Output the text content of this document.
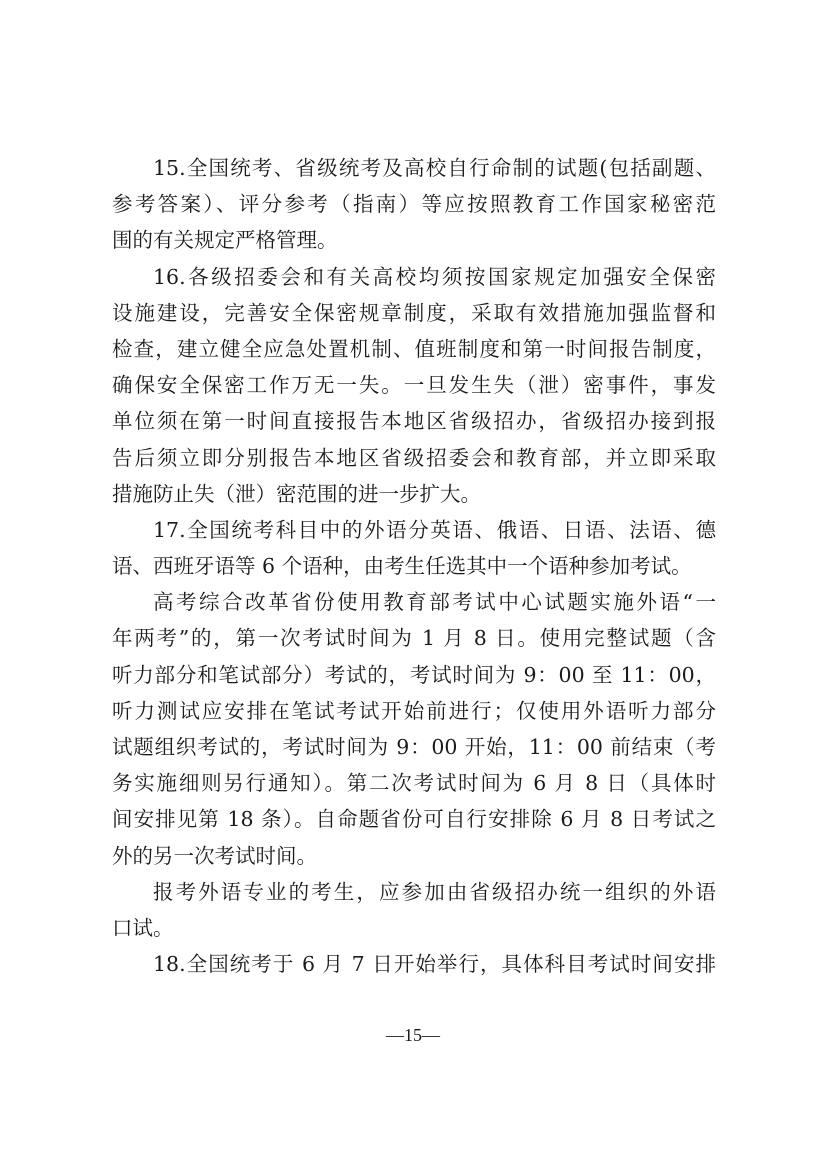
15.全国统考、省级统考及高校自行命制的试题(包括副题、
参考答案）、评分参考（指南）等应按照教育工作国家秘密范
围的有关规定严格管理。
16.各级招委会和有关高校均须按国家规定加强安全保密
设施建设，完善安全保密规章制度，采取有效措施加强监督和
检查，建立健全应急处置机制、值班制度和第一时间报告制度，
确保安全保密工作万无一失。一旦发生失（泄）密事件，事发
单位须在第一时间直接报告本地区省级招办，省级招办接到报
告后须立即分别报告本地区省级招委会和教育部，并立即采取
措施防止失（泄）密范围的进一步扩大。
17.全国统考科目中的外语分英语、俄语、日语、法语、德
语、西班牙语等 6 个语种，由考生任选其中一个语种参加考试。
高考综合改革省份使用教育部考试中心试题实施外语“一
年两考”的，第一次考试时间为 1 月 8 日。使用完整试题（含
听力部分和笔试部分）考试的，考试时间为 9：00 至 11：00，
听力测试应安排在笔试考试开始前进行；仅使用外语听力部分
试题组织考试的，考试时间为 9：00 开始，11：00 前结束（考
务实施细则另行通知）。第二次考试时间为 6 月 8 日（具体时
间安排见第 18 条）。自命题省份可自行安排除 6 月 8 日考试之
外的另一次考试时间。
报考外语专业的考生，应参加由省级招办统一组织的外语
口试。
18.全国统考于 6 月 7 日开始举行，具体科目考试时间安排
—15—
